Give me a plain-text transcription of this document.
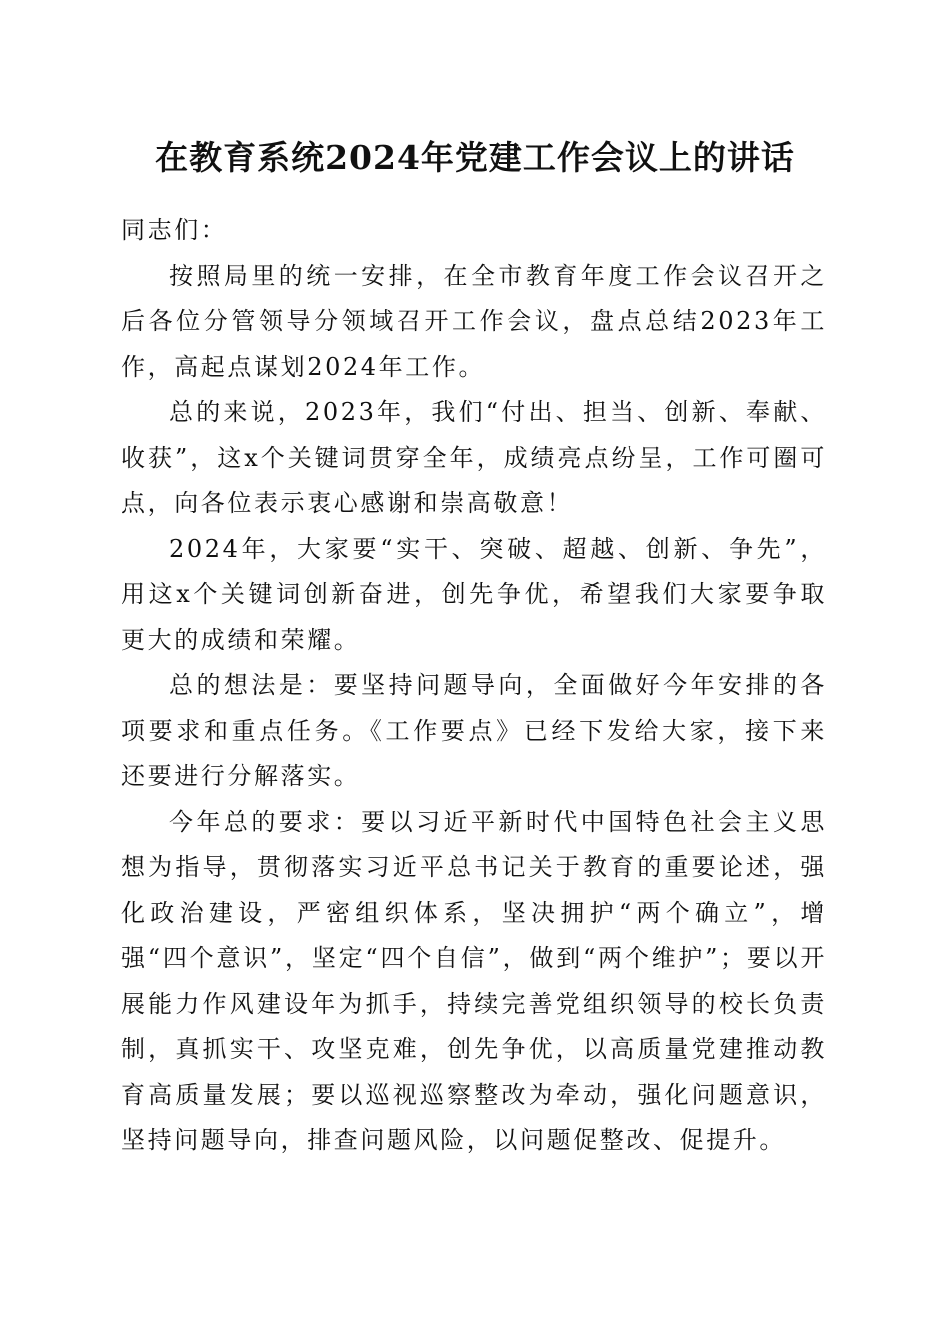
在教育系统2024年党建工作会议上的讲话

同志们：

按照局里的统一安排，在全市教育年度工作会议召开之后各位分管领导分领域召开工作会议，盘点总结2023年工作，高起点谋划2024年工作。

总的来说，2023年，我们“付出、担当、创新、奉献、收获”，这x个关键词贯穿全年，成绩亮点纷呈，工作可圈可点，向各位表示衷心感谢和崇高敬意！

2024年，大家要“实干、突破、超越、创新、争先”，用这x个关键词创新奋进，创先争优，希望我们大家要争取更大的成绩和荣耀。

总的想法是：要坚持问题导向，全面做好今年安排的各项要求和重点任务。《工作要点》已经下发给大家，接下来还要进行分解落实。

今年总的要求：要以习近平新时代中国特色社会主义思想为指导，贯彻落实习近平总书记关于教育的重要论述，强化政治建设，严密组织体系，坚决拥护“两个确立”，增强“四个意识”，坚定“四个自信”，做到“两个维护”；要以开展能力作风建设年为抓手，持续完善党组织领导的校长负责制，真抓实干、攻坚克难，创先争优，以高质量党建推动教育高质量发展；要以巡视巡察整改为牵动，强化问题意识，坚持问题导向，排查问题风险，以问题促整改、促提升。
